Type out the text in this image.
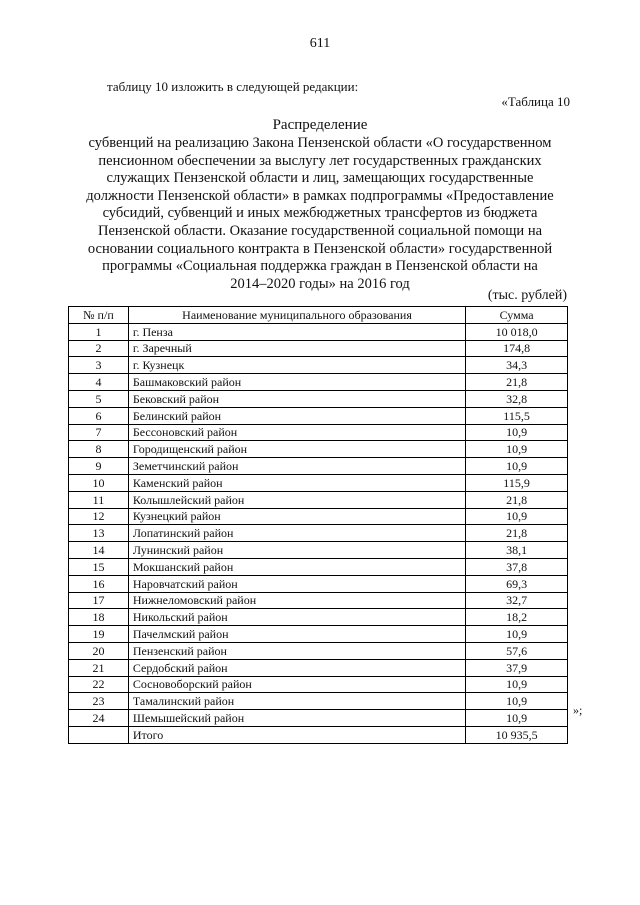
611
таблицу 10 изложить в следующей редакции:
«Таблица 10
Распределение
субвенций на реализацию Закона Пензенской области «О государственном
пенсионном обеспечении за выслугу лет государственных гражданских
служащих Пензенской области и лиц, замещающих государственные
должности Пензенской области» в рамках подпрограммы «Предоставление
субсидий, субвенций и иных межбюджетных трансфертов из бюджета
Пензенской области. Оказание государственной социальной помощи на
основании социального контракта в Пензенской области» государственной
программы «Социальная поддержка граждан в Пензенской области на
2014–2020 годы» на 2016 год
(тыс. рублей)
№ п/п	Наименование муниципального образования	Сумма
1	г. Пенза	10 018,0
2	г. Заречный	174,8
3	г. Кузнецк	34,3
4	Башмаковский район	21,8
5	Бековский район	32,8
6	Белинский район	115,5
7	Бессоновский район	10,9
8	Городищенский район	10,9
9	Земетчинский район	10,9
10	Каменский район	115,9
11	Колышлейский район	21,8
12	Кузнецкий район	10,9
13	Лопатинский район	21,8
14	Лунинский район	38,1
15	Мокшанский район	37,8
16	Наровчатский район	69,3
17	Нижнеломовский район	32,7
18	Никольский район	18,2
19	Пачелмский район	10,9
20	Пензенский район	57,6
21	Сердобский район	37,9
22	Сосновоборский район	10,9
23	Тамалинский район	10,9
24	Шемышейский район	10,9
	Итого	10 935,5
»;
